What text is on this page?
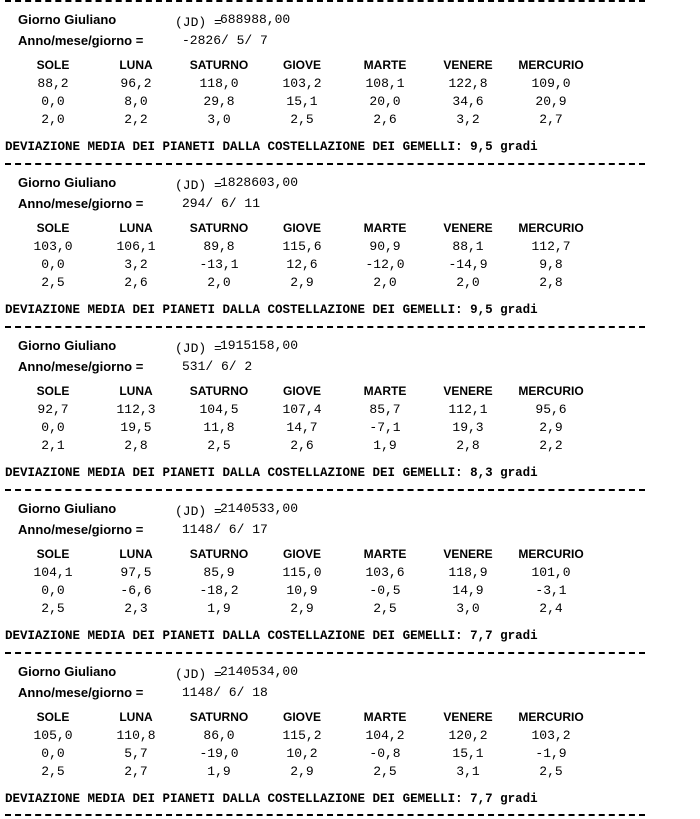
Giorno Giuliano	(JD) =
688988,00
Anno/mese/giorno =	-2826/ 5/ 7
SOLE	LUNA	SATURNO	GIOVE	MARTE	VENERE	MERCURIO
88,2	96,2	118,0	103,2	108,1	122,8	109,0
0,0	8,0	29,8	15,1	20,0	34,6	20,9
2,0	2,2	3,0	2,5	2,6	3,2	2,7
DEVIAZIONE MEDIA DEI PIANETI DALLA COSTELLAZIONE DEI GEMELLI: 9,5 gradi
Giorno Giuliano	(JD) =
1828603,00
Anno/mese/giorno =	294/ 6/ 11
SOLE	LUNA	SATURNO	GIOVE	MARTE	VENERE	MERCURIO
103,0	106,1	89,8	115,6	90,9	88,1	112,7
0,0	3,2	-13,1	12,6	-12,0	-14,9	9,8
2,5	2,6	2,0	2,9	2,0	2,0	2,8
DEVIAZIONE MEDIA DEI PIANETI DALLA COSTELLAZIONE DEI GEMELLI: 9,5 gradi
Giorno Giuliano	(JD) =
1915158,00
Anno/mese/giorno =	531/ 6/ 2
SOLE	LUNA	SATURNO	GIOVE	MARTE	VENERE	MERCURIO
92,7	112,3	104,5	107,4	85,7	112,1	95,6
0,0	19,5	11,8	14,7	-7,1	19,3	2,9
2,1	2,8	2,5	2,6	1,9	2,8	2,2
DEVIAZIONE MEDIA DEI PIANETI DALLA COSTELLAZIONE DEI GEMELLI: 8,3 gradi
Giorno Giuliano	(JD) =
2140533,00
Anno/mese/giorno =	1148/ 6/ 17
SOLE	LUNA	SATURNO	GIOVE	MARTE	VENERE	MERCURIO
104,1	97,5	85,9	115,0	103,6	118,9	101,0
0,0	-6,6	-18,2	10,9	-0,5	14,9	-3,1
2,5	2,3	1,9	2,9	2,5	3,0	2,4
DEVIAZIONE MEDIA DEI PIANETI DALLA COSTELLAZIONE DEI GEMELLI: 7,7 gradi
Giorno Giuliano	(JD) =
2140534,00
Anno/mese/giorno =	1148/ 6/ 18
SOLE	LUNA	SATURNO	GIOVE	MARTE	VENERE	MERCURIO
105,0	110,8	86,0	115,2	104,2	120,2	103,2
0,0	5,7	-19,0	10,2	-0,8	15,1	-1,9
2,5	2,7	1,9	2,9	2,5	3,1	2,5
DEVIAZIONE MEDIA DEI PIANETI DALLA COSTELLAZIONE DEI GEMELLI: 7,7 gradi
